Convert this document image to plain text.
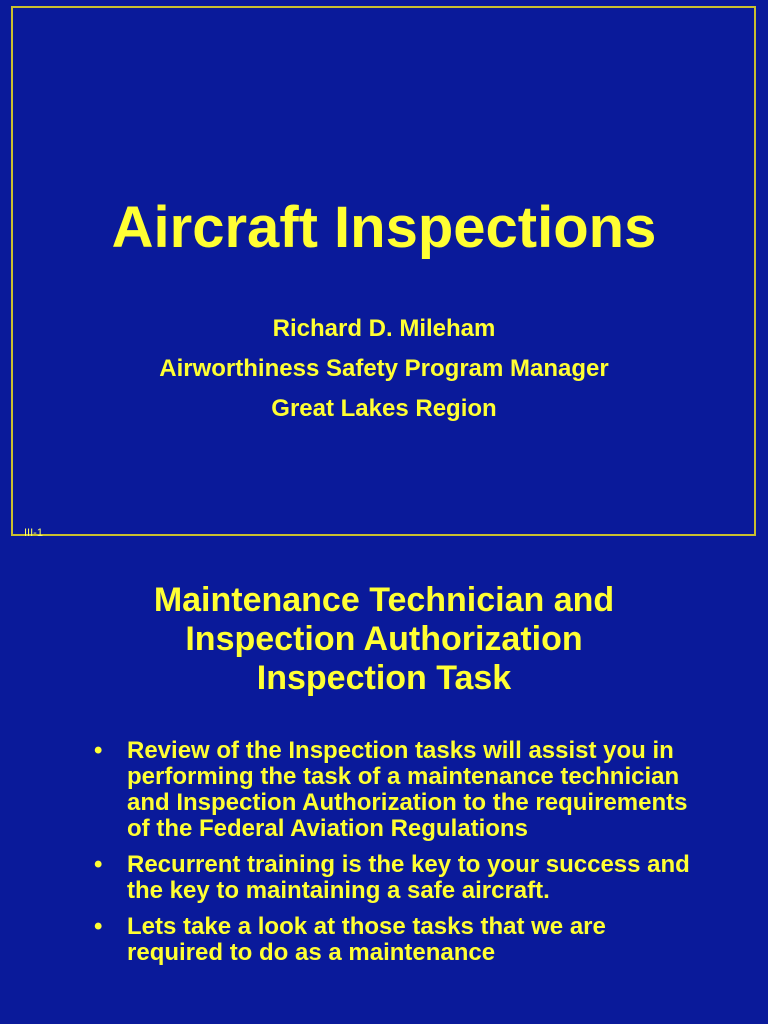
Aircraft Inspections
Richard D. Mileham
Airworthiness Safety Program Manager
Great Lakes Region
III-1
Maintenance Technician and
Inspection Authorization
Inspection Task
• Review of the Inspection tasks will assist you in performing the task of a maintenance technician and Inspection Authorization to the requirements of the Federal Aviation Regulations
• Recurrent training is the key to your success and the key to maintaining a safe aircraft.
• Lets take a look at those tasks that we are required to do as a maintenance
